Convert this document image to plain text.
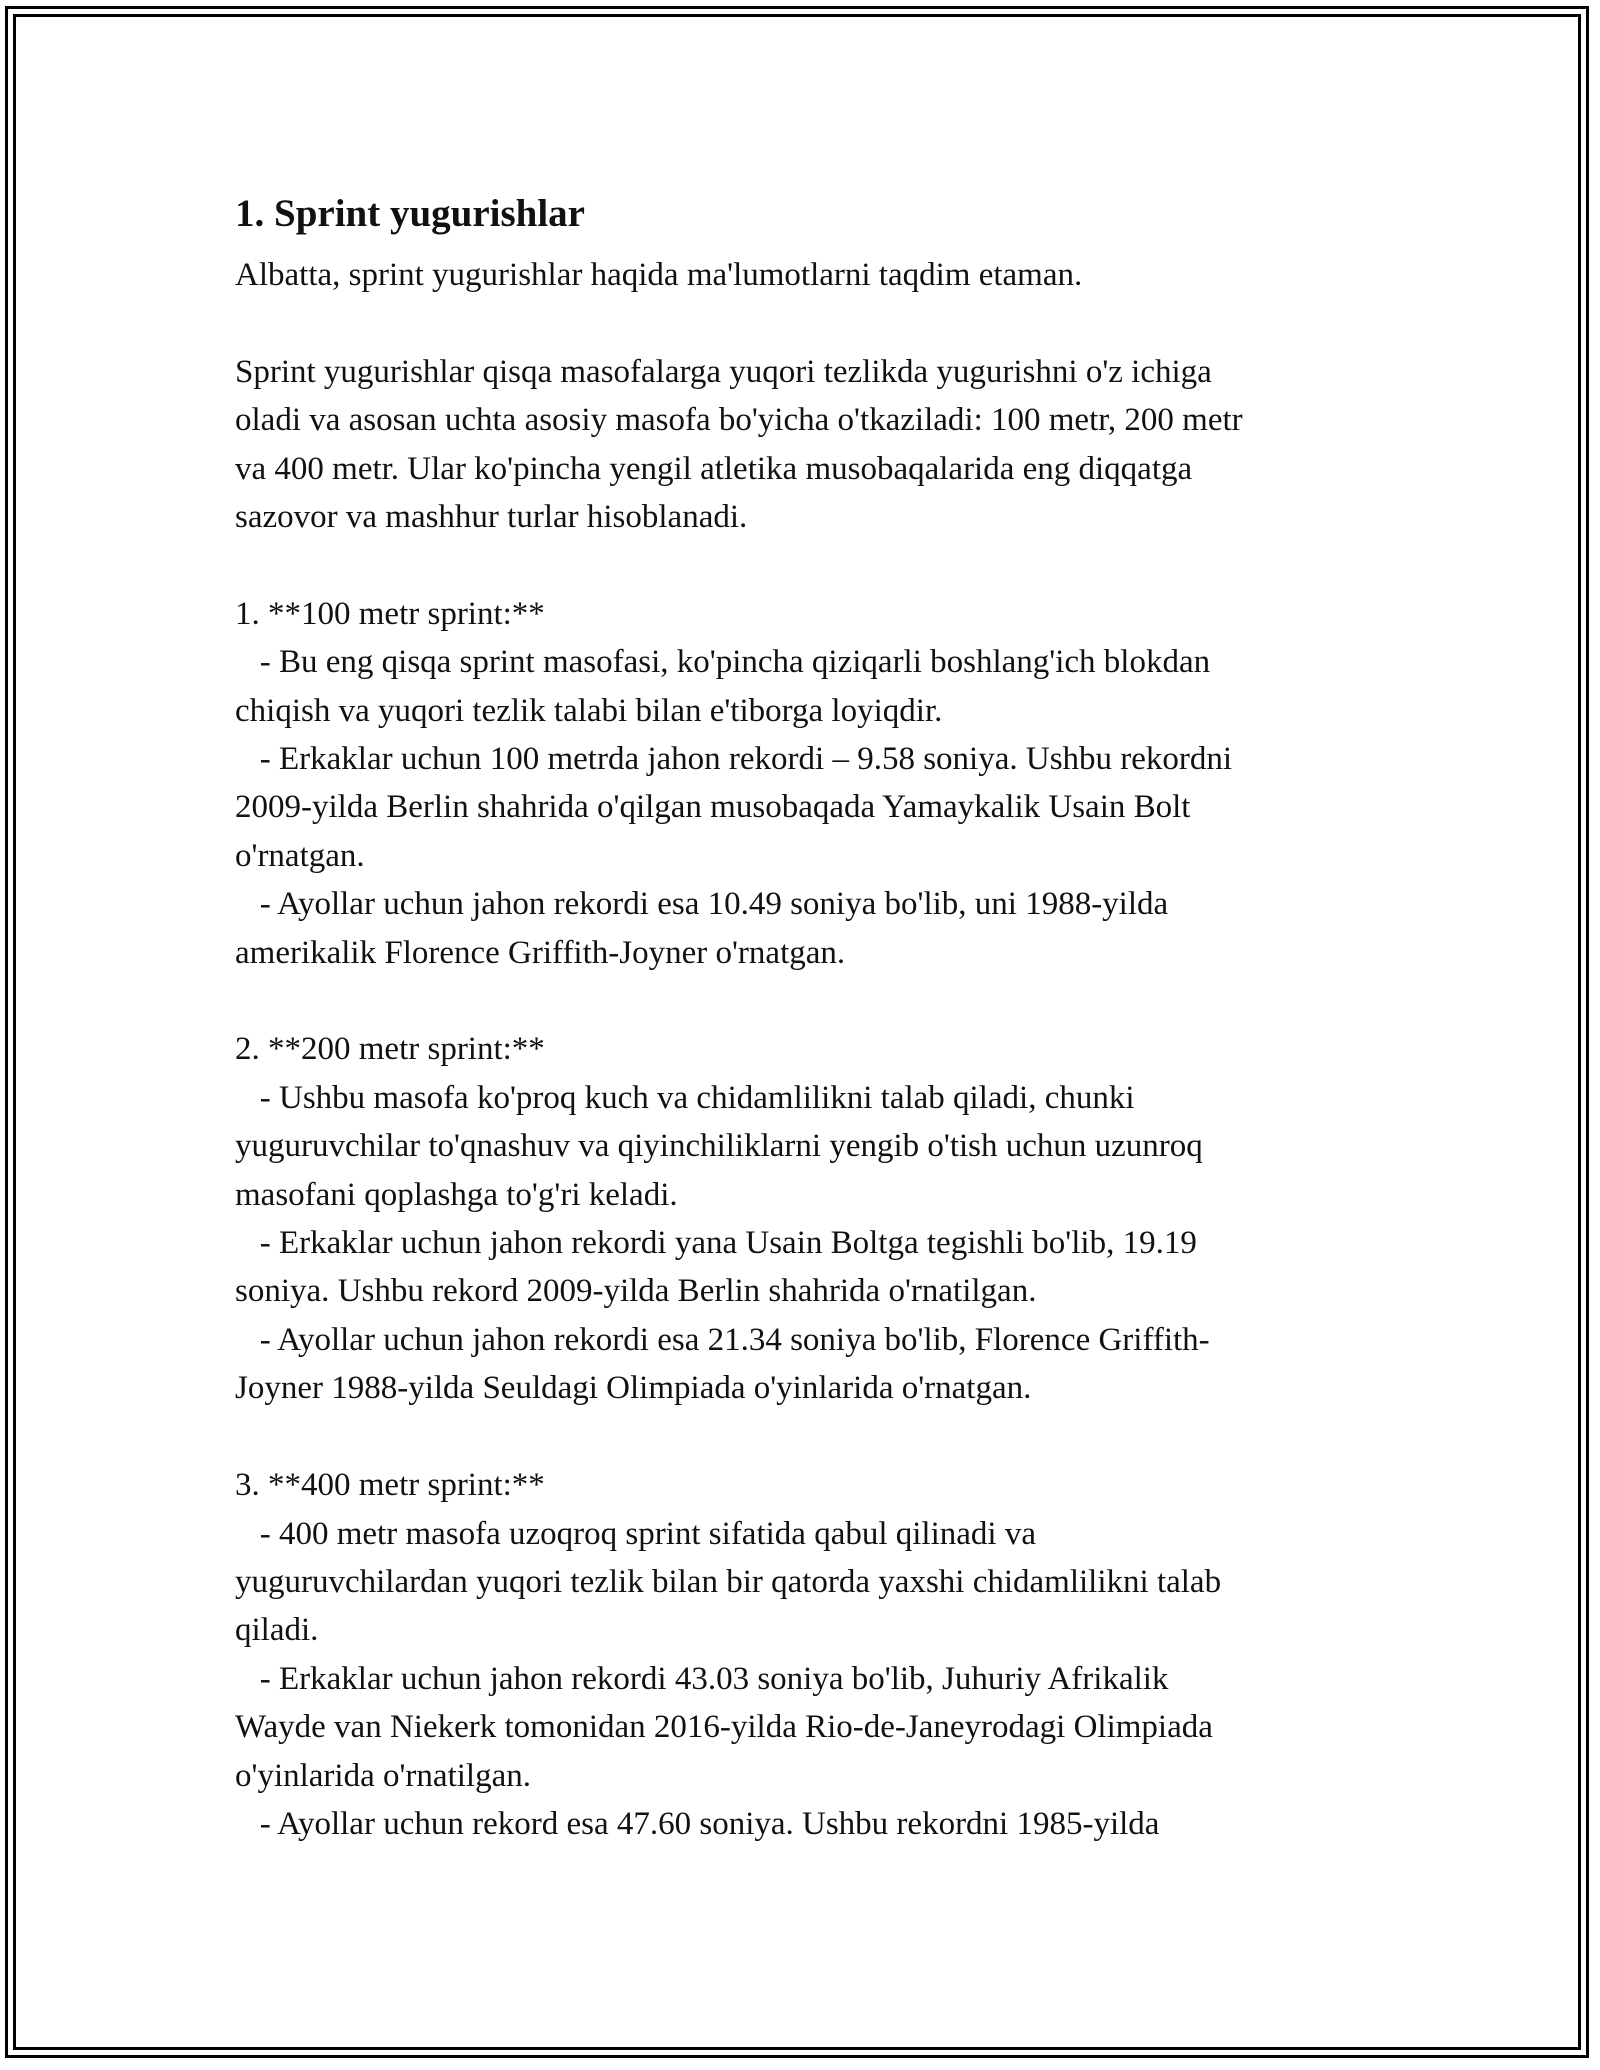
1. Sprint yugurishlar

Albatta, sprint yugurishlar haqida ma'lumotlarni taqdim etaman.

Sprint yugurishlar qisqa masofalarga yuqori tezlikda yugurishni o'z ichiga
oladi va asosan uchta asosiy masofa bo'yicha o'tkaziladi: 100 metr, 200 metr
va 400 metr. Ular ko'pincha yengil atletika musobaqalarida eng diqqatga
sazovor va mashhur turlar hisoblanadi.
1. **100 metr sprint:**
- Bu eng qisqa sprint masofasi, ko'pincha qiziqarli boshlang'ich blokdan
chiqish va yuqori tezlik talabi bilan e'tiborga loyiqdir.
- Erkaklar uchun 100 metrda jahon rekordi – 9.58 soniya. Ushbu rekordni
2009-yilda Berlin shahrida o'qilgan musobaqada Yamaykalik Usain Bolt
o'rnatgan.
- Ayollar uchun jahon rekordi esa 10.49 soniya bo'lib, uni 1988-yilda
amerikalik Florence Griffith-Joyner o'rnatgan.
2. **200 metr sprint:**
- Ushbu masofa ko'proq kuch va chidamlilikni talab qiladi, chunki
yuguruvchilar to'qnashuv va qiyinchiliklarni yengib o'tish uchun uzunroq
masofani qoplashga to'g'ri keladi.
- Erkaklar uchun jahon rekordi yana Usain Boltga tegishli bo'lib, 19.19
soniya. Ushbu rekord 2009-yilda Berlin shahrida o'rnatilgan.
- Ayollar uchun jahon rekordi esa 21.34 soniya bo'lib, Florence Griffith-
Joyner 1988-yilda Seuldagi Olimpiada o'yinlarida o'rnatgan.
3. **400 metr sprint:**
- 400 metr masofa uzoqroq sprint sifatida qabul qilinadi va
yuguruvchilardan yuqori tezlik bilan bir qatorda yaxshi chidamlilikni talab
qiladi.
- Erkaklar uchun jahon rekordi 43.03 soniya bo'lib, Juhuriy Afrikalik
Wayde van Niekerk tomonidan 2016-yilda Rio-de-Janeyrodagi Olimpiada
o'yinlarida o'rnatilgan.
- Ayollar uchun rekord esa 47.60 soniya. Ushbu rekordni 1985-yilda
